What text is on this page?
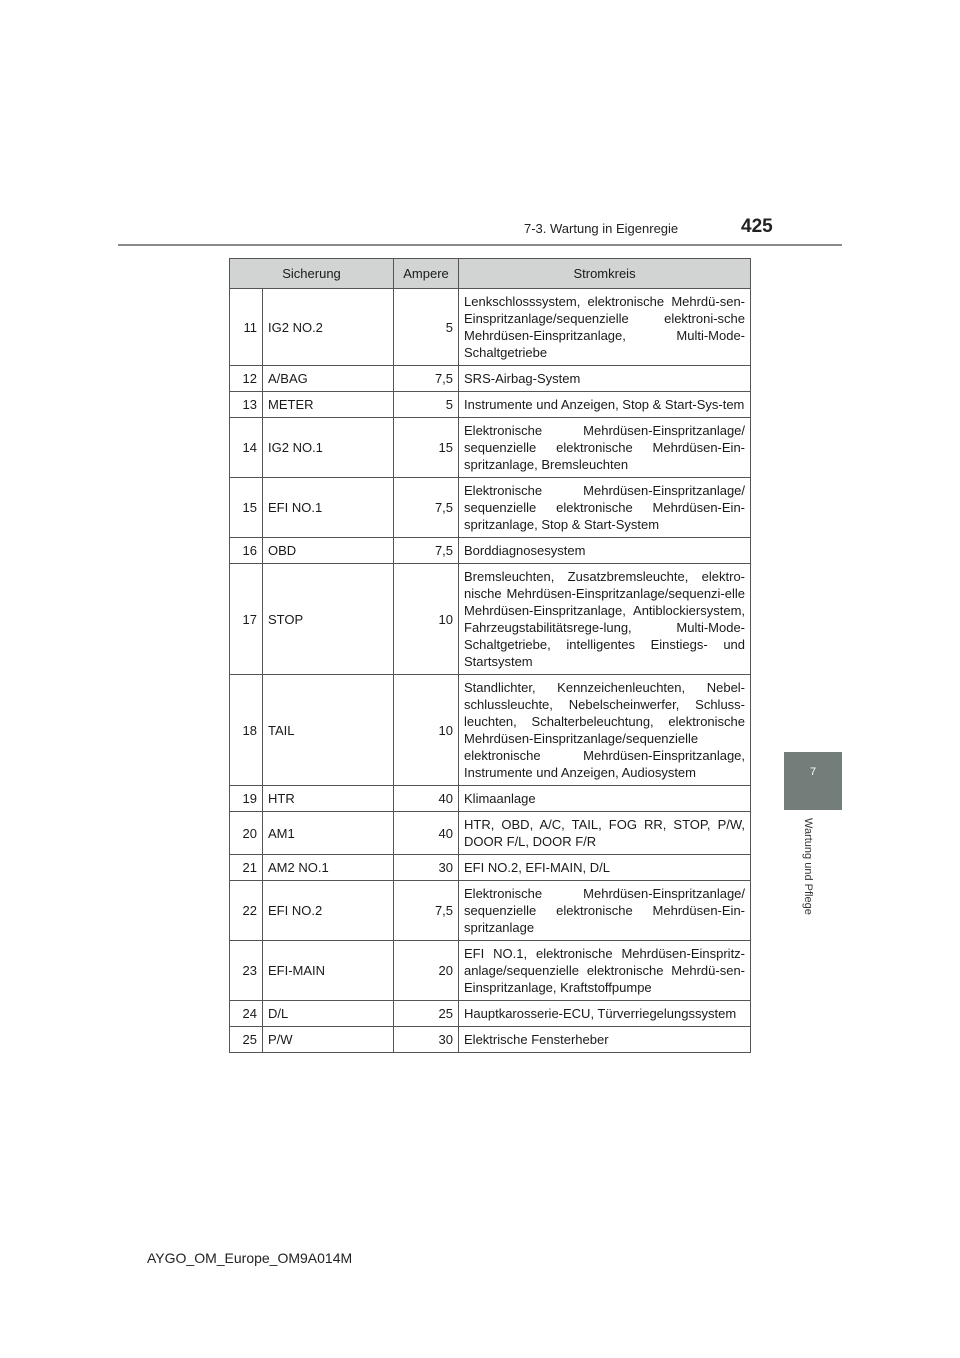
7-3. Wartung in Eigenregie	425
7
Wartung und Pflege
Sicherung		Ampere	Stromkreis
11	IG2 NO.2	5	Lenkschlosssystem, elektronische Mehrdü-sen-Einspritzanlage/sequenzielle elektroni-sche Mehrdüsen-Einspritzanlage, Multi-Mode-Schaltgetriebe
12	A/BAG	7,5	SRS-Airbag-System
13	METER	5	Instrumente und Anzeigen, Stop & Start-Sys-tem
14	IG2 NO.1	15	Elektronische Mehrdüsen-Einspritzanlage/ sequenzielle elektronische Mehrdüsen-Ein-spritzanlage, Bremsleuchten
15	EFI NO.1	7,5	Elektronische Mehrdüsen-Einspritzanlage/ sequenzielle elektronische Mehrdüsen-Ein-spritzanlage, Stop & Start-System
16	OBD	7,5	Borddiagnosesystem
17	STOP	10	Bremsleuchten, Zusatzbremsleuchte, elektro-nische Mehrdüsen-Einspritzanlage/sequenzi-elle Mehrdüsen-Einspritzanlage, Antiblockiersystem, Fahrzeugstabilitätsrege-lung, Multi-Mode-Schaltgetriebe, intelligentes Einstiegs- und Startsystem
18	TAIL	10	Standlichter, Kennzeichenleuchten, Nebel-schlussleuchte, Nebelscheinwerfer, Schluss-leuchten, Schalterbeleuchtung, elektronische Mehrdüsen-Einspritzanlage/sequenzielle elektronische Mehrdüsen-Einspritzanlage, Instrumente und Anzeigen, Audiosystem
19	HTR	40	Klimaanlage
20	AM1	40	HTR, OBD, A/C, TAIL, FOG RR, STOP, P/W, DOOR F/L, DOOR F/R
21	AM2 NO.1	30	EFI NO.2, EFI-MAIN, D/L
22	EFI NO.2	7,5	Elektronische Mehrdüsen-Einspritzanlage/ sequenzielle elektronische Mehrdüsen-Ein-spritzanlage
23	EFI-MAIN	20	EFI NO.1, elektronische Mehrdüsen-Einspritz-anlage/sequenzielle elektronische Mehrdü-sen-Einspritzanlage, Kraftstoffpumpe
24	D/L	25	Hauptkarosserie-ECU, Türverriegelungssystem
25	P/W	30	Elektrische Fensterheber
AYGO_OM_Europe_OM9A014M
